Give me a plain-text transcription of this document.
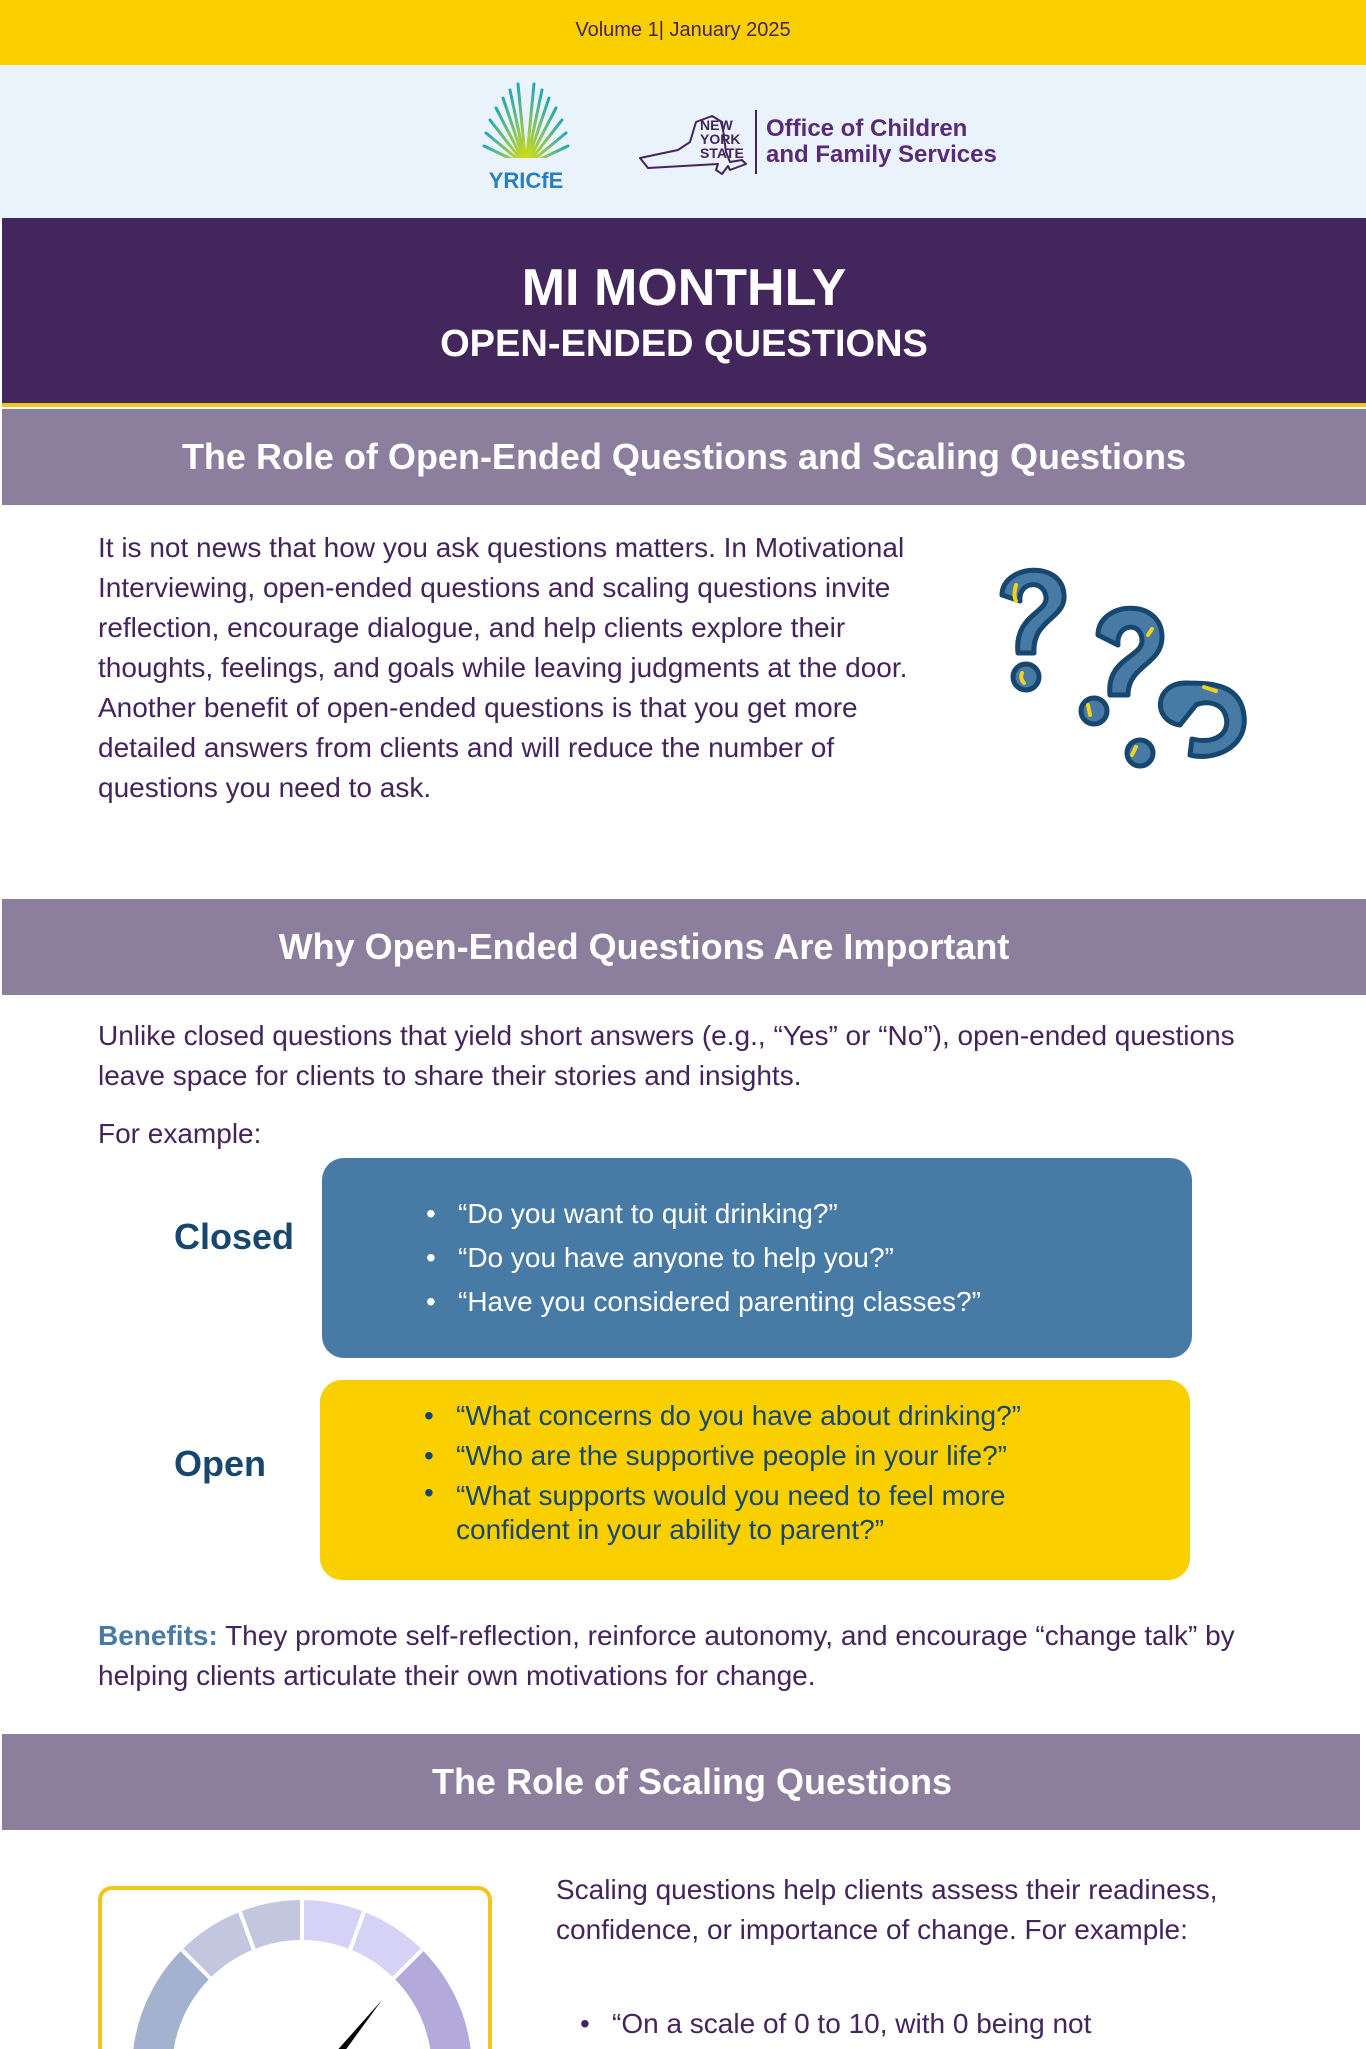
Volume 1| January 2025
YRICfE
NEW
YORK
STATE
Office of Children
and Family Services
MI MONTHLY
OPEN-ENDED QUESTIONS
The Role of Open-Ended Questions and Scaling Questions
It is not news that how you ask questions matters. In Motivational Interviewing, open-ended questions and scaling questions invite reflection, encourage dialogue, and help clients explore their thoughts, feelings, and goals while leaving judgments at the door. Another benefit of open-ended questions is that you get more detailed answers from clients and will reduce the number of questions you need to ask.
Why Open-Ended Questions Are Important
Unlike closed questions that yield short answers (e.g., “Yes” or “No”), open-ended questions leave space for clients to share their stories and insights.
For example:
Closed
• “Do you want to quit drinking?”
• “Do you have anyone to help you?”
• “Have you considered parenting classes?”
Open
• “What concerns do you have about drinking?”
• “Who are the supportive people in your life?”
• “What supports would you need to feel more confident in your ability to parent?”
Benefits: They promote self-reflection, reinforce autonomy, and encourage “change talk” by helping clients articulate their own motivations for change.
The Role of Scaling Questions
Scaling questions help clients assess their readiness, confidence, or importance of change. For example:
• “On a scale of 0 to 10, with 0 being not
